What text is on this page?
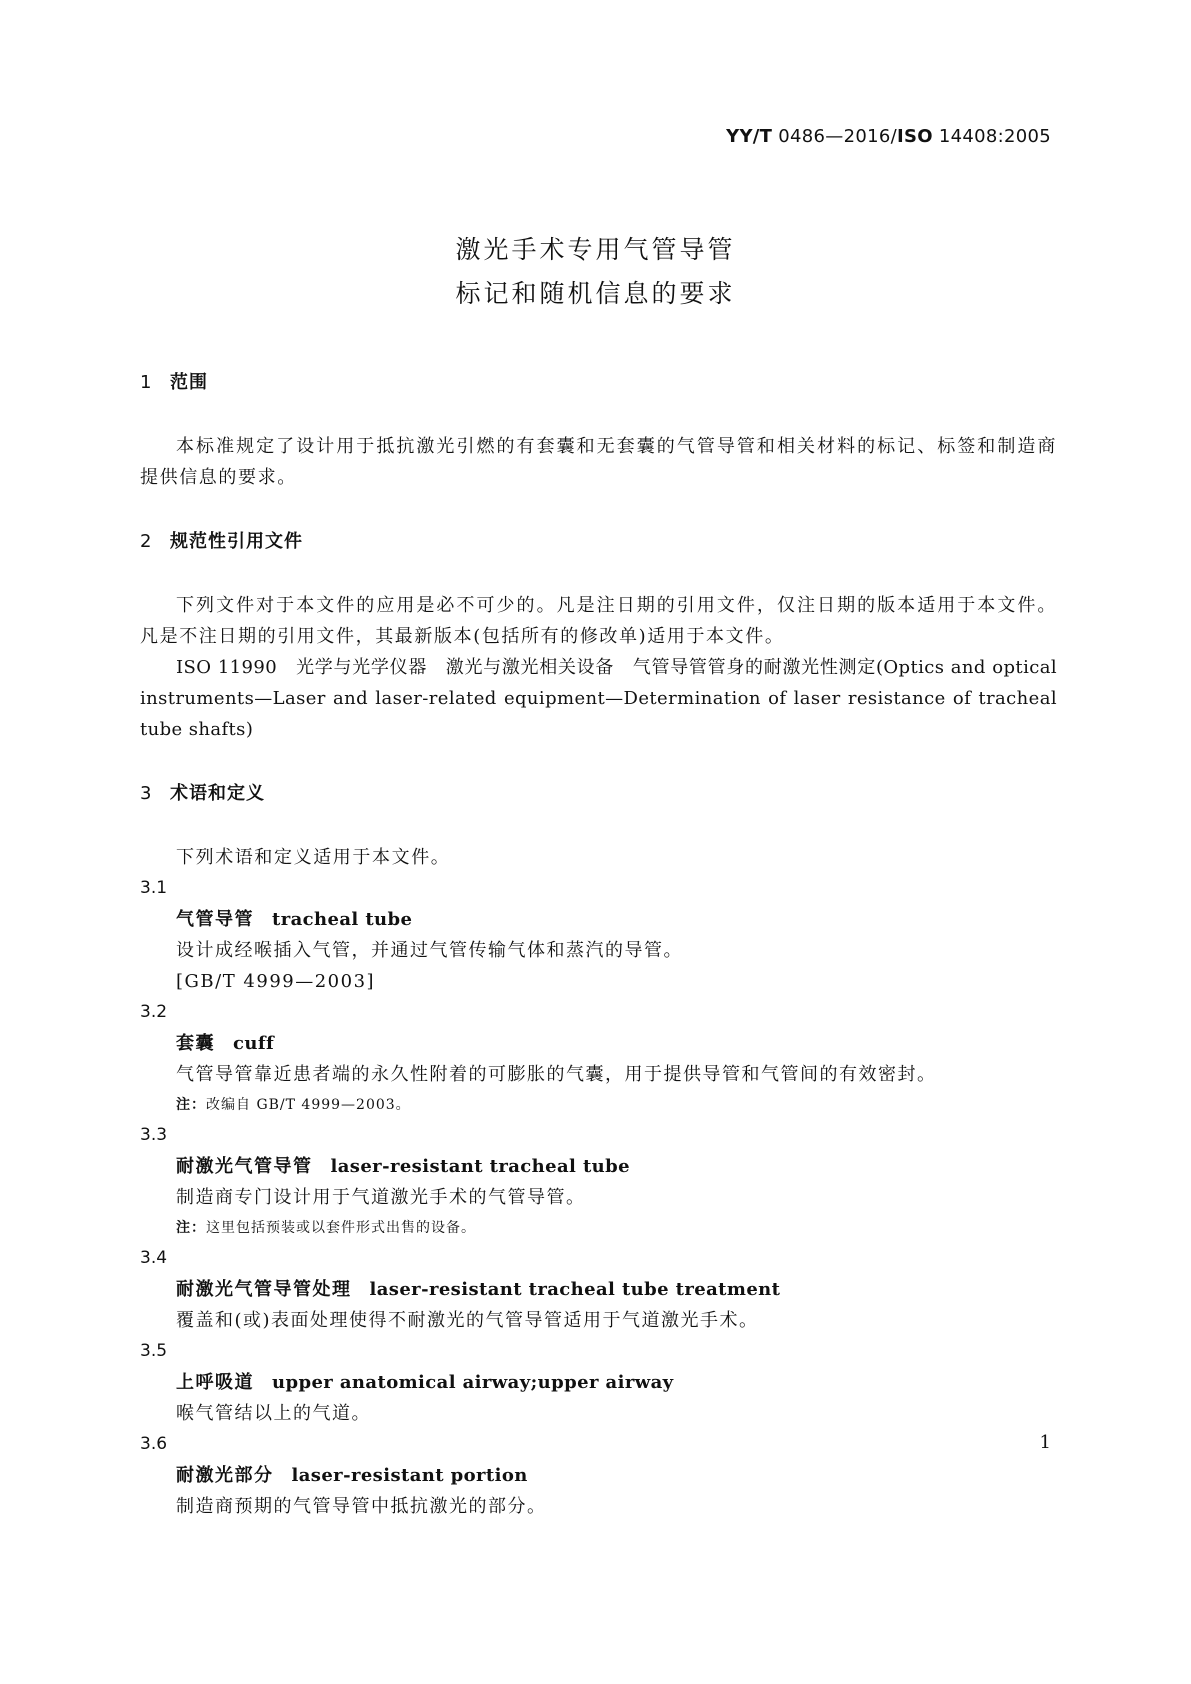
YY/T 0486—2016/ISO 14408:2005
激光手术专用气管导管
标记和随机信息的要求
1 范围

本标准规定了设计用于抵抗激光引燃的有套囊和无套囊的气管导管和相关材料的标记、标签和制造商提供信息的要求。

2 规范性引用文件

下列文件对于本文件的应用是必不可少的。凡是注日期的引用文件，仅注日期的版本适用于本文件。凡是不注日期的引用文件，其最新版本(包括所有的修改单)适用于本文件。

ISO 11990　光学与光学仪器　激光与激光相关设备　气管导管管身的耐激光性测定(Optics and optical instruments—Laser and laser-related equipment—Determination of laser resistance of tracheal tube shafts)

3 术语和定义

下列术语和定义适用于本文件。

3.1
气管导管 tracheal tube
设计成经喉插入气管，并通过气管传输气体和蒸汽的导管。
[GB/T 4999—2003]
3.2
套囊 cuff
气管导管靠近患者端的永久性附着的可膨胀的气囊，用于提供导管和气管间的有效密封。
注：改编自 GB/T 4999—2003。
3.3
耐激光气管导管 laser-resistant tracheal tube
制造商专门设计用于气道激光手术的气管导管。
注：这里包括预装或以套件形式出售的设备。
3.4
耐激光气管导管处理 laser-resistant tracheal tube treatment
覆盖和(或)表面处理使得不耐激光的气管导管适用于气道激光手术。
3.5
上呼吸道 upper anatomical airway;upper airway
喉气管结以上的气道。
3.6
耐激光部分 laser-resistant portion
制造商预期的气管导管中抵抗激光的部分。
1
